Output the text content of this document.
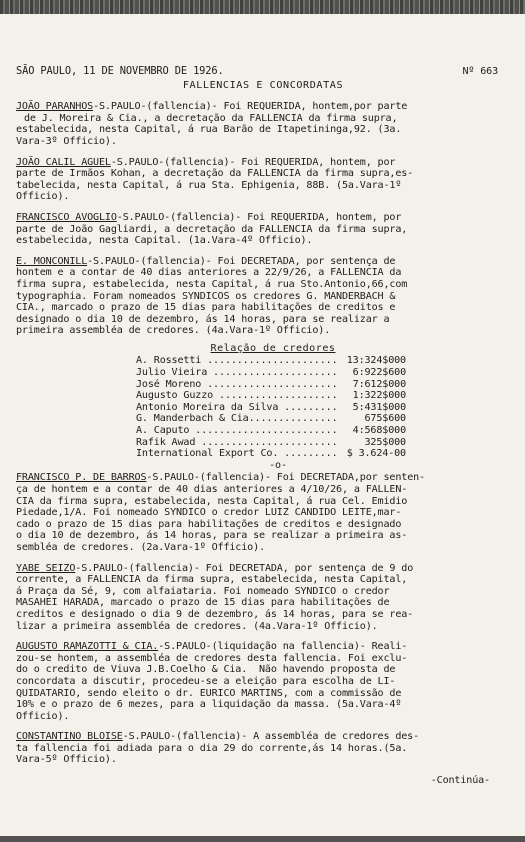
SÃO PAULO, 11 DE NOVEMBRO DE 1926.	Nº 663
FALLENCIAS E CONCORDATAS

JOÃO PARANHOS-S.PAULO-(fallencia)- Foi REQUERIDA, hontem,por parte

de J. Moreira & Cia., a decretação da FALLENCIA da firma supra,

estabelecida, nesta Capital, á rua Barão de Itapetininga,92. (3a.

Vara-3º Officio).

JOÃO CALIL AGUEL-S.PAULO-(fallencia)- Foi REQUERIDA, hontem, por

parte de Irmãos Kohan, a decretação da FALLENCIA da firma supra,es-

tabelecida, nesta Capital, á rua Sta. Ephigenia, 88B. (5a.Vara-1º

Officio).

FRANCISCO AVOGLIO-S.PAULO-(fallencia)- Foi REQUERIDA, hontem, por

parte de João Gagliardi, a decretação da FALLENCIA da firma supra,

estabelecida, nesta Capital. (1a.Vara-4º Officio).

E. MONCONILL-S.PAULO-(fallencia)- Foi DECRETADA, por sentença de

hontem e a contar de 40 dias anteriores a 22/9/26, a FALLENCIA da

firma supra, estabelecida, nesta Capital, á rua Sto.Antonio,66,com

typographia. Foram nomeados SYNDICOS os credores G. MANDERBACH &

CIA., marcado o prazo de 15 dias para habilitações de creditos e

designado o dia 10 de dezembro, ás 14 horas, para se realizar a

primeira assembléa de credores. (4a.Vara-1º Officio).

Relação de credores
A. Rossetti ...................... 13:324$000
Julio Vieira .....................	6:922$600
José Moreno ......................	7:612$000
Augusto Guzzo ....................	1:322$000
Antonio Moreira da Silva .........	5:431$000
G. Manderbach & Cia...............	675$600
A. Caputo ........................	4:568$000
Rafik Awad .......................	325$000
International Export Co. ......... $ 3.624-00
-o-

FRANCISCO P. DE BARROS-S.PAULO-(fallencia)- Foi DECRETADA,por senten-

ça de hontem e a contar de 40 dias anteriores a 4/10/26, a FALLEN-

CIA da firma supra, estabelecida, nesta Capital, á rua Cel. Emidio

Piedade,1/A. Foi nomeado SYNDICO o credor LUIZ CANDIDO LEITE,mar-

cado o prazo de 15 dias para habilitações de creditos e designado

o dia 10 de dezembro, ás 14 horas, para se realizar a primeira as-

sembléa de credores. (2a.Vara-1º Officio).

YABE SEIZO-S.PAULO-(fallencia)- Foi DECRETADA, por sentença de 9 do

corrente, a FALLENCIA da firma supra, estabelecida, nesta Capital,

á Praça da Sé, 9, com alfaiataria. Foi nomeado SYNDICO o credor

MASAHEI HARADA, marcado o prazo de 15 dias para habilitações de

creditos e designado o dia 9 de dezembro, ás 14 horas, para se rea-

lizar a primeira assembléa de credores. (4a.Vara-1º Officio).

AUGUSTO RAMAZOTTI & CIA.-S.PAULO-(liquidação na fallencia)- Reali-

zou-se hontem, a assembléa de credores desta fallencia. Foi exclu-

do o credito de Viuva J.B.Coelho & Cia.  Não havendo proposta de

concordata a discutir, procedeu-se a eleição para escolha de LI-

QUIDATARIO, sendo eleito o dr. EURICO MARTINS, com a commissão de

10% e o prazo de 6 mezes, para a liquidação da massa. (5a.Vara-4º

Officio).

CONSTANTINO BLOISE-S.PAULO-(fallencia)- A assembléa de credores des-

ta fallencia foi adiada para o dia 29 do corrente,ás 14 horas.(5a.

Vara-5º Officio).

-Continúa-
